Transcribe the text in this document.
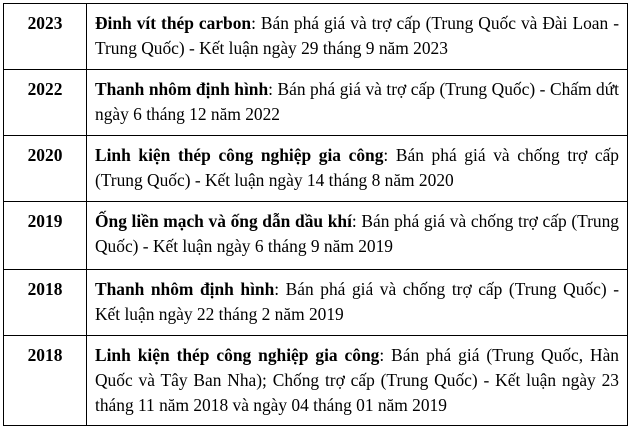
2023	Đinh vít thép carbon: Bán phá giá và trợ cấp (Trung Quốc và Đài Loan - Trung Quốc) - Kết luận ngày 29 tháng 9 năm 2023
2022	Thanh nhôm định hình: Bán phá giá và trợ cấp (Trung Quốc) - Chấm dứt ngày 6 tháng 12 năm 2022
2020	Linh kiện thép công nghiệp gia công: Bán phá giá và chống trợ cấp (Trung Quốc) - Kết luận ngày 14 tháng 8 năm 2020
2019	Ống liền mạch và ống dẫn dầu khí: Bán phá giá và chống trợ cấp (Trung Quốc) - Kết luận ngày 6 tháng 9 năm 2019
2018	Thanh nhôm định hình: Bán phá giá và chống trợ cấp (Trung Quốc) - Kết luận ngày 22 tháng 2 năm 2019
2018	Linh kiện thép công nghiệp gia công: Bán phá giá (Trung Quốc, Hàn Quốc và Tây Ban Nha); Chống trợ cấp (Trung Quốc) - Kết luận ngày 23 tháng 11 năm 2018 và ngày 04 tháng 01 năm 2019
